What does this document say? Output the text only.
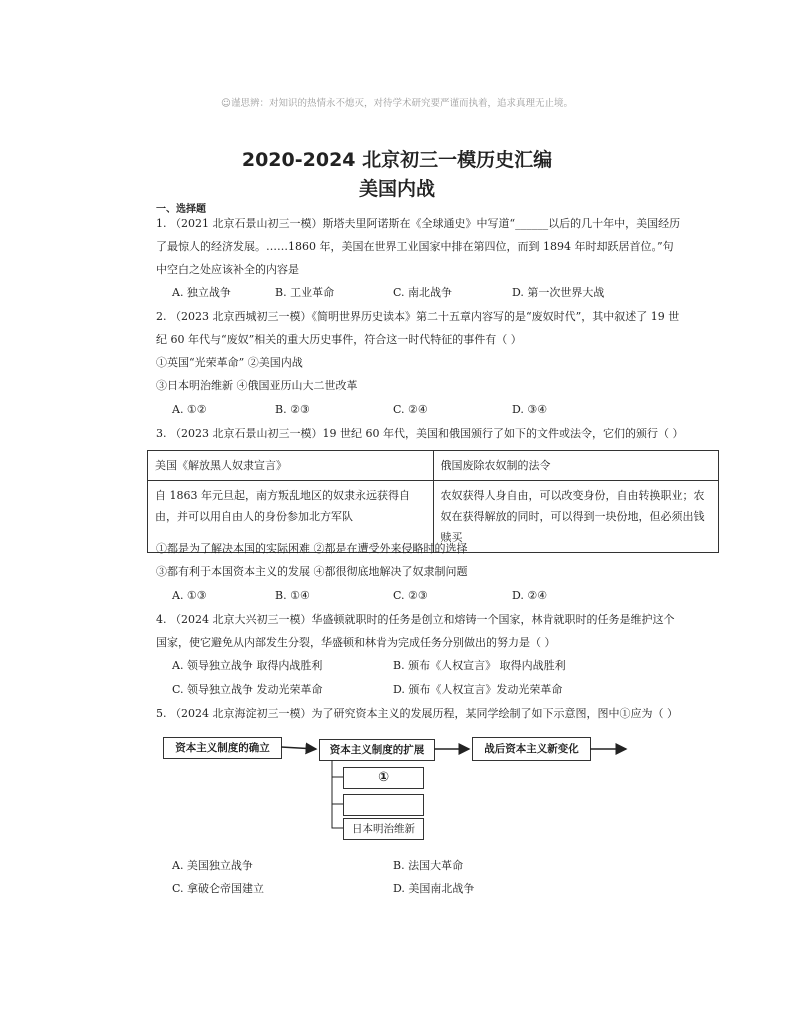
☺谨思辨：对知识的热情永不熄灭，对待学术研究要严谨而执着，追求真理无止境。
2020-2024 北京初三一模历史汇编
美国内战
一、选择题
1. （2021 北京石景山初三一模）斯塔夫里阿诺斯在《全球通史》中写道“______以后的几十年中，美国经历
了最惊人的经济发展。……1860 年，美国在世界工业国家中排在第四位，而到 1894 年时却跃居首位。”句
中空白之处应该补全的内容是
A. 独立战争	B. 工业革命	C. 南北战争	D. 第一次世界大战
2. （2023 北京西城初三一模）《简明世界历史读本》第二十五章内容写的是“废奴时代”，其中叙述了 19 世
纪 60 年代与“废奴”相关的重大历史事件，符合这一时代特征的事件有（ ）
①英国“光荣革命” ②美国内战
③日本明治维新 ④俄国亚历山大二世改革
A. ①②	B. ②③	C. ②④	D. ③④
3. （2023 北京石景山初三一模）19 世纪 60 年代，美国和俄国颁行了如下的文件或法令，它们的颁行（ ）
美国《解放黑人奴隶宣言》	俄国废除农奴制的法令
自 1863 年元旦起，南方叛乱地区的奴隶永远获得自由，并可以用自由人的身份参加北方军队	农奴获得人身自由，可以改变身份，自由转换职业；农奴在获得解放的同时，可以得到一块份地，但必须出钱赎买
①都是为了解决本国的实际困难 ②都是在遭受外来侵略时的选择
③都有利于本国资本主义的发展 ④都很彻底地解决了奴隶制问题
A. ①③	B. ①④	C. ②③	D. ②④
4. （2024 北京大兴初三一模）华盛顿就职时的任务是创立和熔铸一个国家，林肯就职时的任务是维护这个
国家，使它避免从内部发生分裂，华盛顿和林肯为完成任务分别做出的努力是（ ）
A. 领导独立战争 取得内战胜利	B. 颁布《人权宣言》 取得内战胜利
C. 领导独立战争 发动光荣革命	D. 颁布《人权宣言》发动光荣革命
5. （2024 北京海淀初三一模）为了研究资本主义的发展历程，某同学绘制了如下示意图，图中①应为（ ）
资本主义制度的确立	资本主义制度的扩展	战后资本主义新变化
①
日本明治维新
A. 美国独立战争	B. 法国大革命
C. 拿破仑帝国建立	D. 美国南北战争
